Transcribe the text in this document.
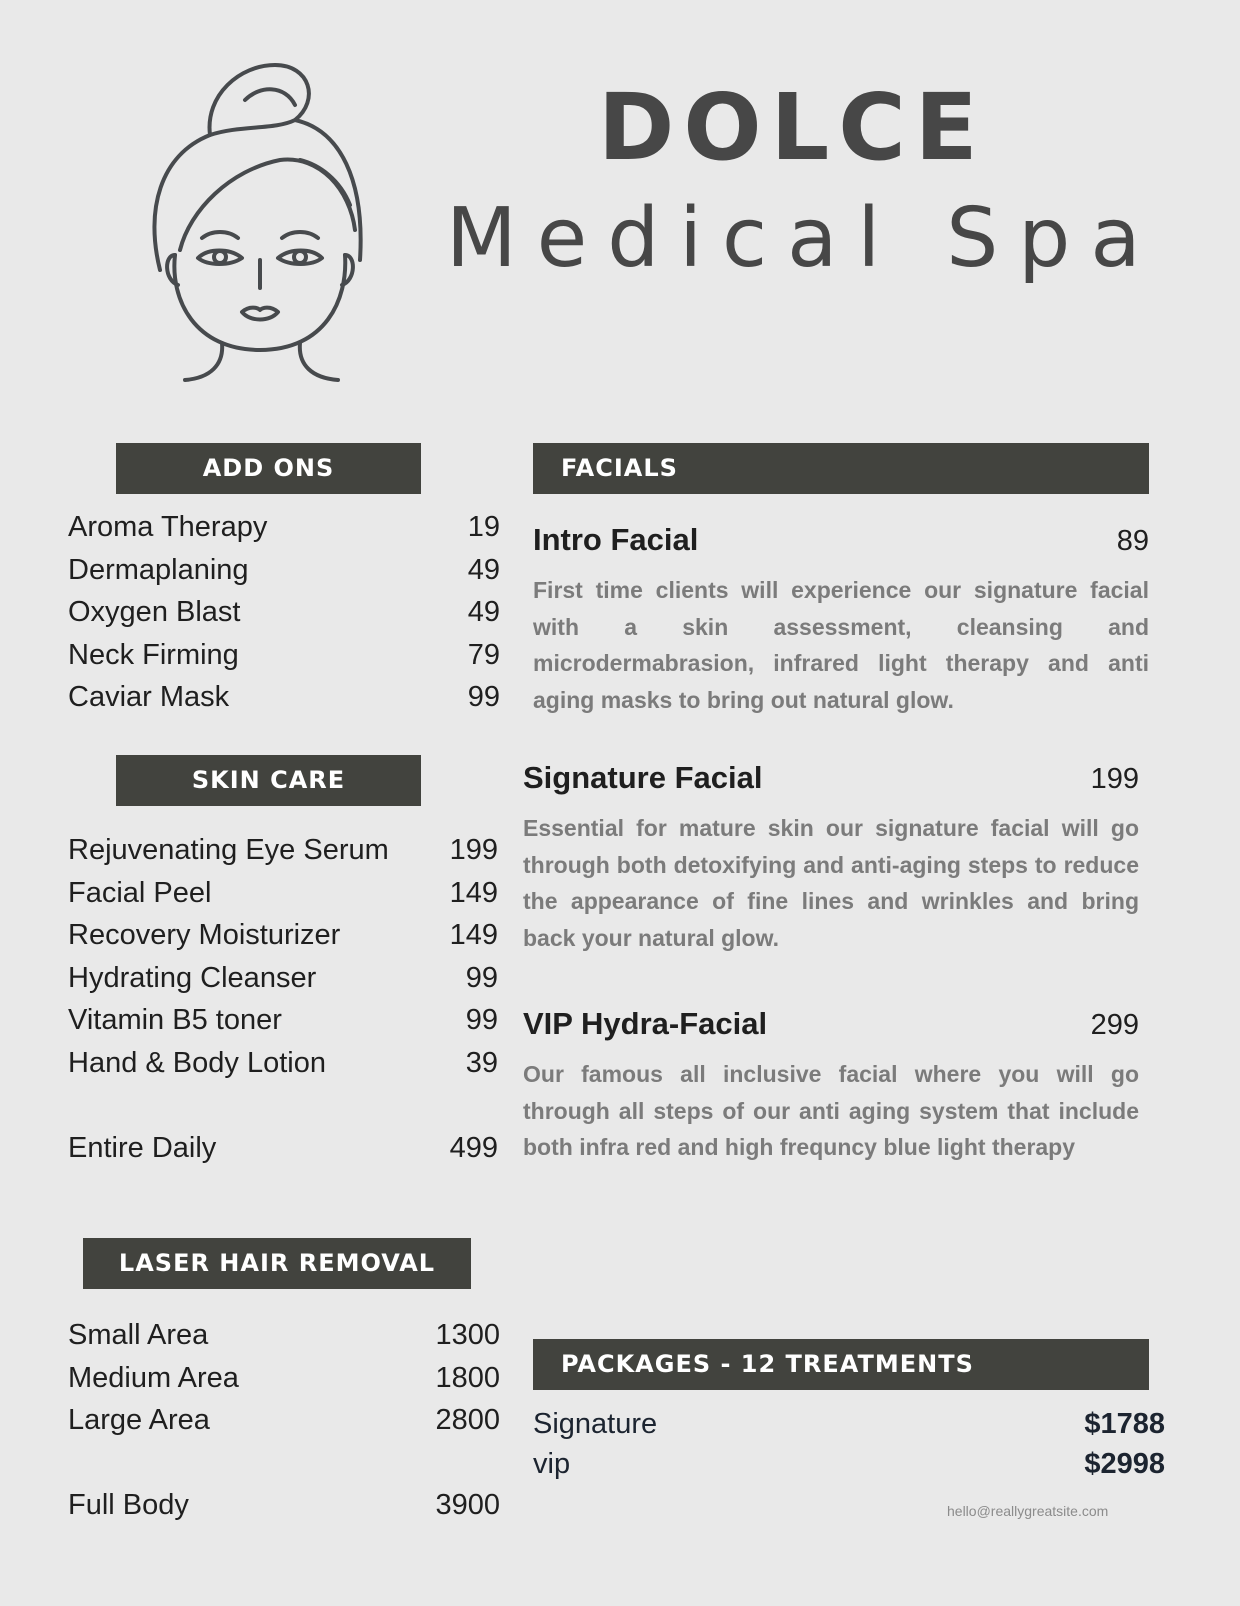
DOLCE
Medical Spa
ADD ONS
Aroma Therapy	19
Dermaplaning	49
Oxygen Blast	49
Neck Firming	79
Caviar Mask	99
SKIN CARE
Rejuvenating Eye Serum 199
Facial Peel	149
Recovery Moisturizer	149
Hydrating Cleanser	99
Vitamin B5 toner	99
Hand & Body Lotion	39
Entire Daily	499
LASER HAIR REMOVAL
Small Area	1300
Medium Area	1800
Large Area	2800
Full Body	3900
FACIALS
Intro Facial	89
First time clients will experience our signature facial with a skin assessment, cleansing and microdermabrasion, infrared light therapy and anti aging masks to bring out natural glow.
Signature Facial	199
Essential for mature skin our signature facial will go through both detoxifying and anti-aging steps to reduce the appearance of fine lines and wrinkles and bring back your natural glow.
VIP Hydra-Facial	299
Our famous all inclusive facial where you will go through all steps of our anti aging system that include both infra red and high frequncy blue light therapy
PACKAGES - 12 TREATMENTS
Signature	$1788
vip	$2998
hello@reallygreatsite.com
